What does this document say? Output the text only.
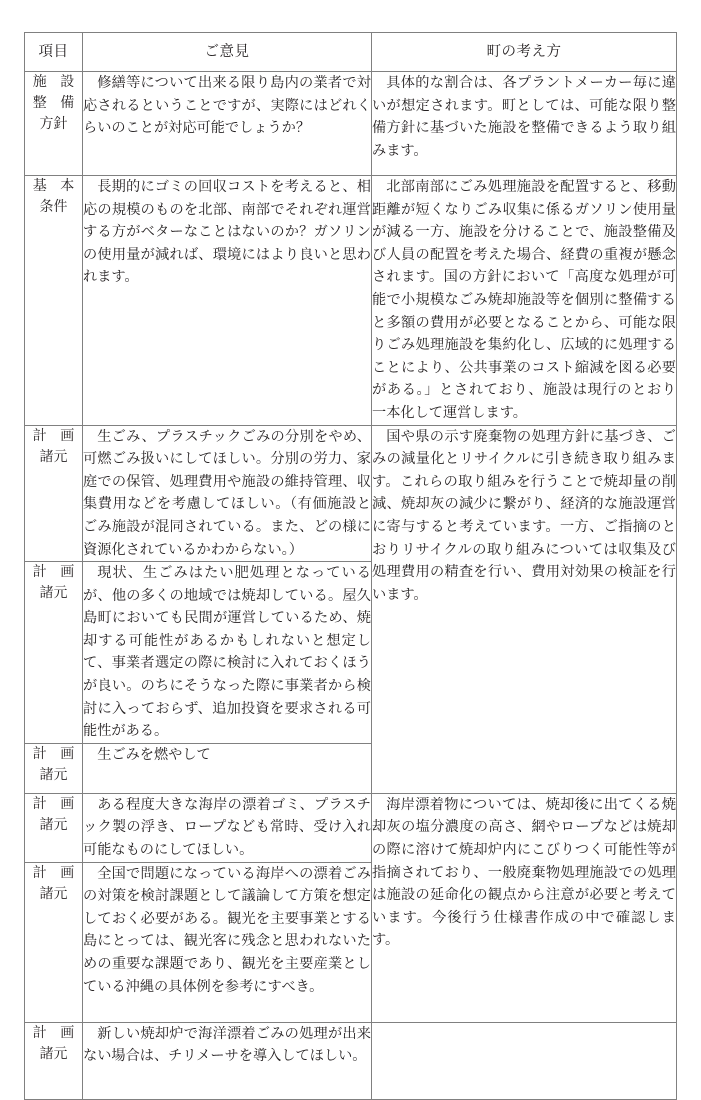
項目	ご意見	町の考え方

施 設
整 備
方針	修繕等について出来る限り島内の業者で対応されるということですが、実際にはどれくらいのことが対応可能でしょうか？	具体的な割合は、各プラントメーカー毎に違いが想定されます。町としては、可能な限り整備方針に基づいた施設を整備できるよう取り組みます。

基 本
条件	長期的にゴミの回収コストを考えると、相応の規模のものを北部、南部でそれぞれ運営する方がベターなことはないのか？ガソリンの使用量が減れば、環境にはより良いと思われます。	北部南部にごみ処理施設を配置すると、移動距離が短くなりごみ収集に係るガソリン使用量が減る一方、施設を分けることで、施設整備及び人員の配置を考えた場合、経費の重複が懸念されます。国の方針において「高度な処理が可能で小規模なごみ焼却施設等を個別に整備すると多額の費用が必要となることから、可能な限りごみ処理施設を集約化し、広域的に処理することにより、公共事業のコスト縮減を図る必要がある。」とされており、施設は現行のとおり一本化して運営します。

計 画
諸元	生ごみ、プラスチックごみの分別をやめ、可燃ごみ扱いにしてほしい。分別の労力、家庭での保管、処理費用や施設の維持管理、収集費用などを考慮してほしい。（有価施設とごみ施設が混同されている。また、どの様に資源化されているかわからない。）	国や県の示す廃棄物の処理方針に基づき、ごみの減量化とリサイクルに引き続き取り組みます。これらの取り組みを行うことで焼却量の削減、焼却灰の減少に繋がり、経済的な施設運営に寄与すると考えています。一方、ご指摘のとおりリサイクルの取り組みについては収集及び処理費用の精査を行い、費用対効果の検証を行います。

計 画
諸元	現状、生ごみはたい肥処理となっているが、他の多くの地域では焼却している。屋久島町においても民間が運営しているため、焼却する可能性があるかもしれないと想定して、事業者選定の際に検討に入れておくほうが良い。のちにそうなった際に事業者から検討に入っておらず、追加投資を要求される可能性がある。	

計 画
諸元	生ごみを燃やして	

計 画
諸元	ある程度大きな海岸の漂着ゴミ、プラスチック製の浮き、ロープなども常時、受け入れ可能なものにしてほしい。	海岸漂着物については、焼却後に出てくる焼却灰の塩分濃度の高さ、網やロープなどは焼却の際に溶けて焼却炉内にこびりつく可能性等が指摘されており、一般廃棄物処理施設での処理は施設の延命化の観点から注意が必要と考えています。今後行う仕様書作成の中で確認します。

計 画
諸元	全国で問題になっている海岸への漂着ごみの対策を検討課題として議論して方策を想定しておく必要がある。観光を主要事業とする島にとっては、観光客に残念と思われないための重要な課題であり、観光を主要産業としている沖縄の具体例を参考にすべき。	

計 画
諸元	新しい焼却炉で海洋漂着ごみの処理が出来ない場合は、チリメーサを導入してほしい。	
